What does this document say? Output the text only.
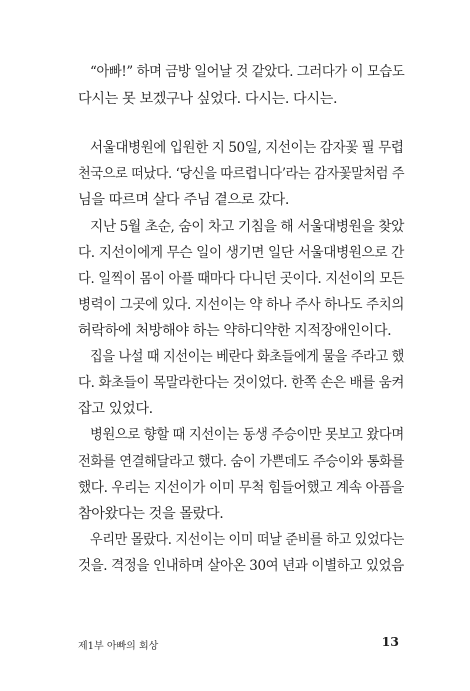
“아빠!” 하며 금방 일어날 것 같았다. 그러다가 이 모습도
다시는 못 보겠구나 싶었다. 다시는. 다시는.
서울대병원에 입원한 지 50일, 지선이는 감자꽃 필 무렵
천국으로 떠났다. ‘당신을 따르렵니다’라는 감자꽃말처럼 주
님을 따르며 살다 주님 곁으로 갔다.
지난 5월 초순, 숨이 차고 기침을 해 서울대병원을 찾았
다. 지선이에게 무슨 일이 생기면 일단 서울대병원으로 간
다. 일찍이 몸이 아플 때마다 다니던 곳이다. 지선이의 모든
병력이 그곳에 있다. 지선이는 약 하나 주사 하나도 주치의
허락하에 처방해야 하는 약하디약한 지적장애인이다.
집을 나설 때 지선이는 베란다 화초들에게 물을 주라고 했
다. 화초들이 목말라한다는 것이었다. 한쪽 손은 배를 움켜
잡고 있었다.
병원으로 향할 때 지선이는 동생 주승이만 못보고 왔다며
전화를 연결해달라고 했다. 숨이 가쁜데도 주승이와 통화를
했다. 우리는 지선이가 이미 무척 힘들어했고 계속 아픔을
참아왔다는 것을 몰랐다.
우리만 몰랐다. 지선이는 이미 떠날 준비를 하고 있었다는
것을. 격정을 인내하며 살아온 30여 년과 이별하고 있었음
제1부 아빠의 회상	13
